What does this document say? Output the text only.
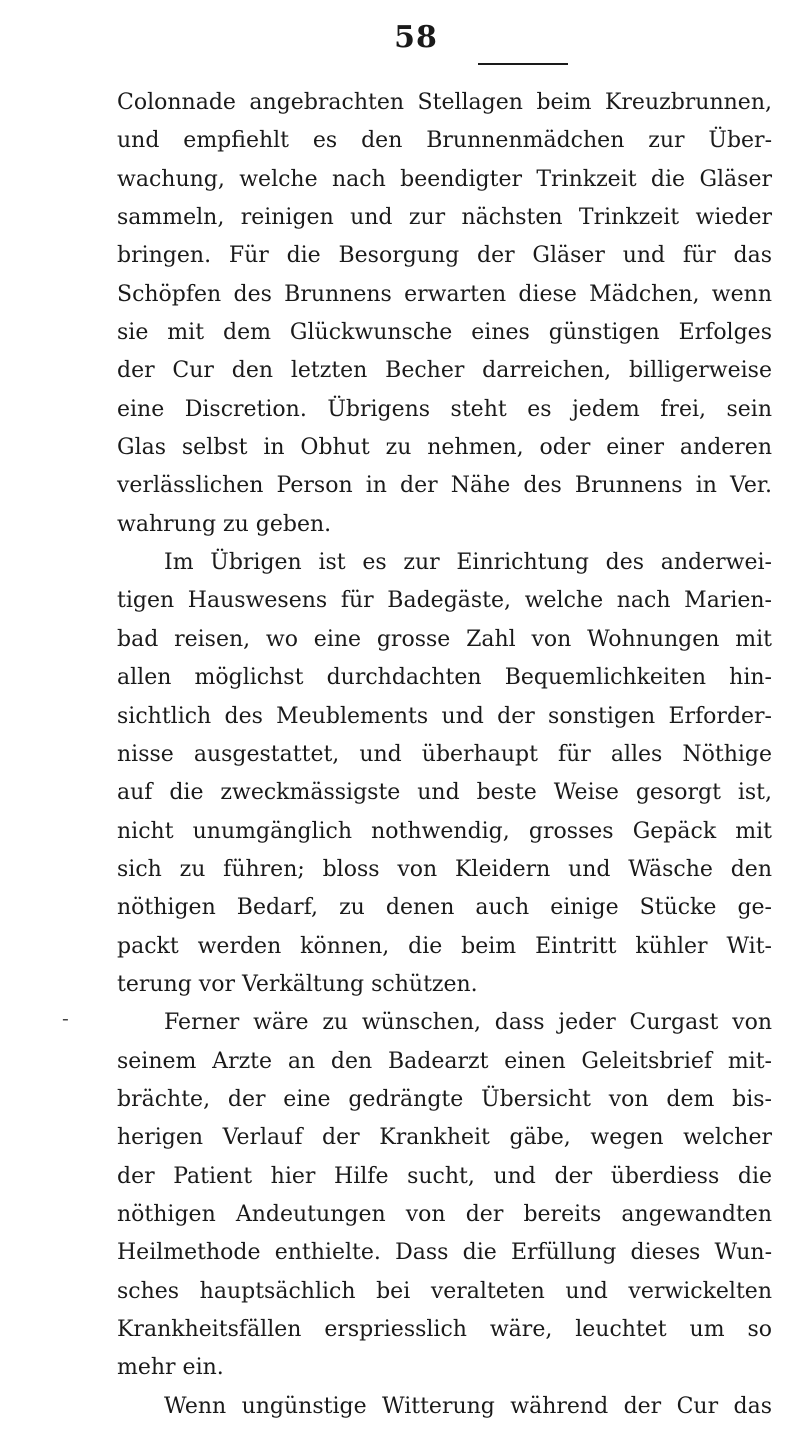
58
-
Colonnade angebrachten Stellagen beim Kreuzbrunnen,
und empfiehlt es den Brunnenmädchen zur Über-
wachung, welche nach beendigter Trinkzeit die Gläser
sammeln, reinigen und zur nächsten Trinkzeit wieder
bringen. Für die Besorgung der Gläser und für das
Schöpfen des Brunnens erwarten diese Mädchen, wenn
sie mit dem Glückwunsche eines günstigen Erfolges
der Cur den letzten Becher darreichen, billigerweise
eine Discretion. Übrigens steht es jedem frei, sein
Glas selbst in Obhut zu nehmen, oder einer anderen
verlässlichen Person in der Nähe des Brunnens in Ver.
wahrung zu geben.
Im Übrigen ist es zur Einrichtung des anderwei-
tigen Hauswesens für Badegäste, welche nach Marien-
bad reisen, wo eine grosse Zahl von Wohnungen mit
allen möglichst durchdachten Bequemlichkeiten hin-
sichtlich des Meublements und der sonstigen Erforder-
nisse ausgestattet, und überhaupt für alles Nöthige
auf die zweckmässigste und beste Weise gesorgt ist,
nicht unumgänglich nothwendig, grosses Gepäck mit
sich zu führen; bloss von Kleidern und Wäsche den
nöthigen Bedarf, zu denen auch einige Stücke ge-
packt werden können, die beim Eintritt kühler Wit-
terung vor Verkältung schützen.
Ferner wäre zu wünschen, dass jeder Curgast von
seinem Arzte an den Badearzt einen Geleitsbrief mit-
brächte, der eine gedrängte Übersicht von dem bis-
herigen Verlauf der Krankheit gäbe, wegen welcher
der Patient hier Hilfe sucht, und der überdiess die
nöthigen Andeutungen von der bereits angewandten
Heilmethode enthielte. Dass die Erfüllung dieses Wun-
sches hauptsächlich bei veralteten und verwickelten
Krankheitsfällen erspriesslich wäre, leuchtet um so
mehr ein.
Wenn ungünstige Witterung während der Cur das
